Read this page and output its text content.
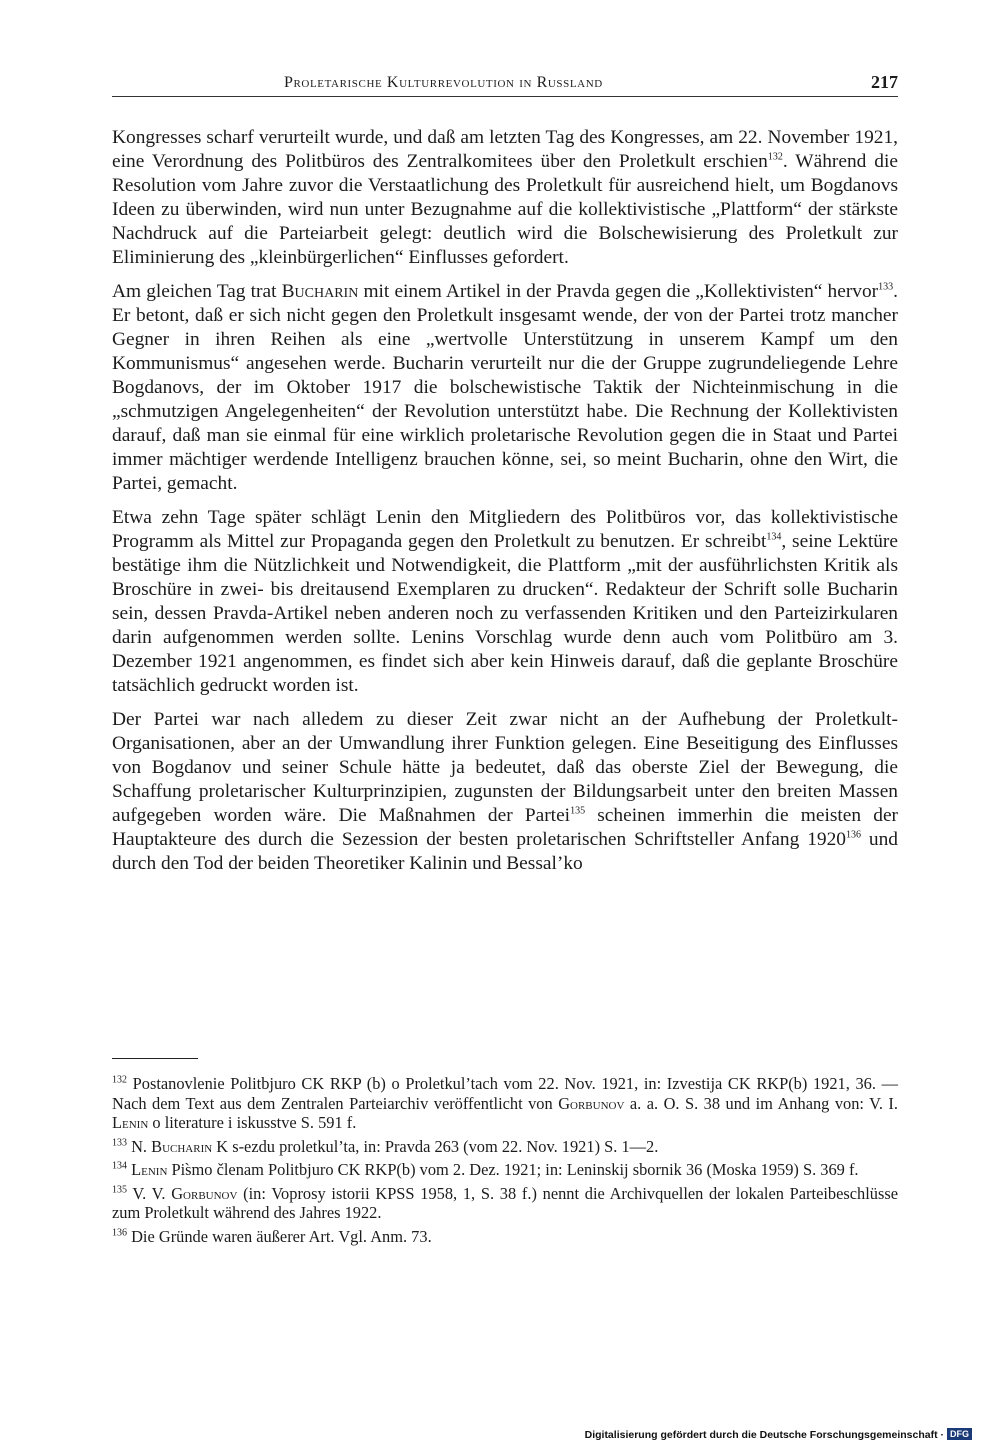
Proletarische Kulturrevolution in Russland	217

Kongresses scharf verurteilt wurde, und daß am letzten Tag des Kongresses, am 22. November 1921, eine Verordnung des Politbüros des Zentralkomitees über den Proletkult erschien$^{132}$. Während die Resolution vom Jahre zuvor die Verstaatlichung des Proletkult für ausreichend hielt, um Bogdanovs Ideen zu überwinden, wird nun unter Bezugnahme auf die kollektivistische „Plattform“ der stärkste Nachdruck auf die Parteiarbeit gelegt: deutlich wird die Bolschewisierung des Proletkult zur Eliminierung des „kleinbürgerlichen“ Einflusses gefordert.

Am gleichen Tag trat Bucharin mit einem Artikel in der Pravda gegen die „Kollektivisten“ hervor$^{133}$. Er betont, daß er sich nicht gegen den Proletkult insgesamt wende, der von der Partei trotz mancher Gegner in ihren Reihen als eine „wertvolle Unterstützung in unserem Kampf um den Kommunismus“ angesehen werde. Bucharin verurteilt nur die der Gruppe zugrundeliegende Lehre Bogdanovs, der im Oktober 1917 die bolschewistische Taktik der Nichteinmischung in die „schmutzigen Angelegenheiten“ der Revolution unterstützt habe. Die Rechnung der Kollektivisten darauf, daß man sie einmal für eine wirklich proletarische Revolution gegen die in Staat und Partei immer mächtiger werdende Intelligenz brauchen könne, sei, so meint Bucharin, ohne den Wirt, die Partei, gemacht.

Etwa zehn Tage später schlägt Lenin den Mitgliedern des Politbüros vor, das kollektivistische Programm als Mittel zur Propaganda gegen den Proletkult zu benutzen. Er schreibt$^{134}$, seine Lektüre bestätige ihm die Nützlichkeit und Notwendigkeit, die Plattform „mit der ausführlichsten Kritik als Broschüre in zwei- bis dreitausend Exemplaren zu drucken“. Redakteur der Schrift solle Bucharin sein, dessen Pravda-Artikel neben anderen noch zu verfassenden Kritiken und den Parteizirkularen darin aufgenommen werden sollte. Lenins Vorschlag wurde denn auch vom Politbüro am 3. Dezember 1921 angenommen, es findet sich aber kein Hinweis darauf, daß die geplante Broschüre tatsächlich gedruckt worden ist.

Der Partei war nach alledem zu dieser Zeit zwar nicht an der Aufhebung der Proletkult-Organisationen, aber an der Umwandlung ihrer Funktion gelegen. Eine Beseitigung des Einflusses von Bogdanov und seiner Schule hätte ja bedeutet, daß das oberste Ziel der Bewegung, die Schaffung proletarischer Kulturprinzipien, zugunsten der Bildungsarbeit unter den breiten Massen aufgegeben worden wäre. Die Maßnahmen der Partei$^{135}$ scheinen immerhin die meisten der Hauptakteure des durch die Sezession der besten proletarischen Schriftsteller Anfang 1920$^{136}$ und durch den Tod der beiden Theoretiker Kalinin und Bessal’ko

$^{132}$ Postanovlenie Politbjuro CK RKP (b) o Proletkul’tach vom 22. Nov. 1921, in: Izvestija CK RKP(b) 1921, 36. — Nach dem Text aus dem Zentralen Parteiarchiv veröffentlicht von Gorbunov a. a. O. S. 38 und im Anhang von: V. I. Lenin o literature i iskusstve S. 591 f.
$^{133}$ N. Bucharin K s-ezdu proletkul’ta, in: Pravda 263 (vom 22. Nov. 1921) S. 1—2.
$^{134}$ Lenin Pis̀mo členam Politbjuro CK RKP(b) vom 2. Dez. 1921; in: Leninskij sbornik 36 (Moska 1959) S. 369 f.
$^{135}$ V. V. Gorbunov (in: Voprosy istorii KPSS 1958, 1, S. 38 f.) nennt die Archivquellen der lokalen Parteibeschlüsse zum Proletkult während des Jahres 1922.
$^{136}$ Die Gründe waren äußerer Art. Vgl. Anm. 73.
Digitalisierung gefördert durch die Deutsche Forschungsgemeinschaft · DFG
